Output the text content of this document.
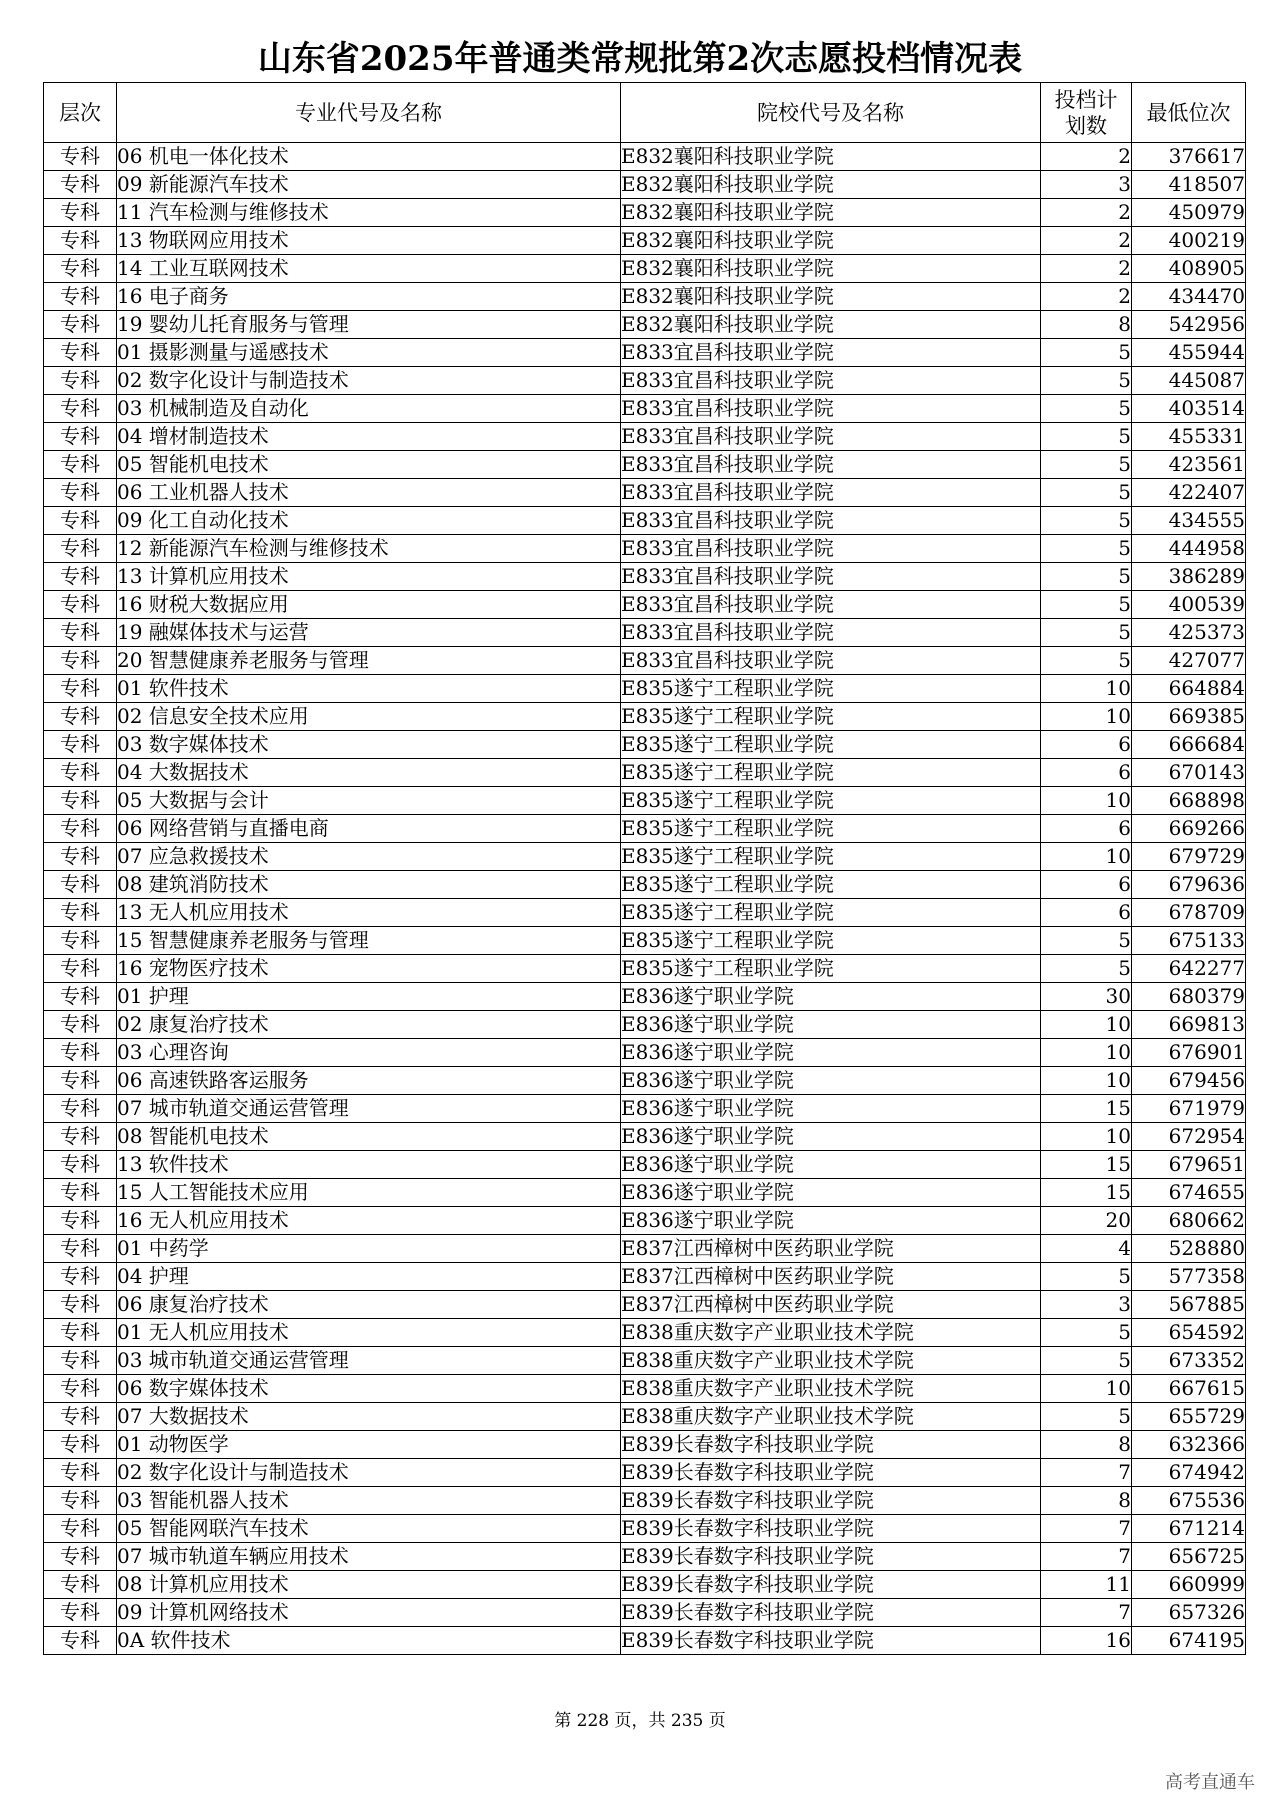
山东省2025年普通类常规批第2次志愿投档情况表
层次	专业代号及名称	院校代号及名称	投档计划数	最低位次
专科	06 机电一体化技术	E832襄阳科技职业学院	2	376617
专科	09 新能源汽车技术	E832襄阳科技职业学院	3	418507
专科	11 汽车检测与维修技术	E832襄阳科技职业学院	2	450979
专科	13 物联网应用技术	E832襄阳科技职业学院	2	400219
专科	14 工业互联网技术	E832襄阳科技职业学院	2	408905
专科	16 电子商务	E832襄阳科技职业学院	2	434470
专科	19 婴幼儿托育服务与管理	E832襄阳科技职业学院	8	542956
专科	01 摄影测量与遥感技术	E833宜昌科技职业学院	5	455944
专科	02 数字化设计与制造技术	E833宜昌科技职业学院	5	445087
专科	03 机械制造及自动化	E833宜昌科技职业学院	5	403514
专科	04 增材制造技术	E833宜昌科技职业学院	5	455331
专科	05 智能机电技术	E833宜昌科技职业学院	5	423561
专科	06 工业机器人技术	E833宜昌科技职业学院	5	422407
专科	09 化工自动化技术	E833宜昌科技职业学院	5	434555
专科	12 新能源汽车检测与维修技术	E833宜昌科技职业学院	5	444958
专科	13 计算机应用技术	E833宜昌科技职业学院	5	386289
专科	16 财税大数据应用	E833宜昌科技职业学院	5	400539
专科	19 融媒体技术与运营	E833宜昌科技职业学院	5	425373
专科	20 智慧健康养老服务与管理	E833宜昌科技职业学院	5	427077
专科	01 软件技术	E835遂宁工程职业学院	10	664884
专科	02 信息安全技术应用	E835遂宁工程职业学院	10	669385
专科	03 数字媒体技术	E835遂宁工程职业学院	6	666684
专科	04 大数据技术	E835遂宁工程职业学院	6	670143
专科	05 大数据与会计	E835遂宁工程职业学院	10	668898
专科	06 网络营销与直播电商	E835遂宁工程职业学院	6	669266
专科	07 应急救援技术	E835遂宁工程职业学院	10	679729
专科	08 建筑消防技术	E835遂宁工程职业学院	6	679636
专科	13 无人机应用技术	E835遂宁工程职业学院	6	678709
专科	15 智慧健康养老服务与管理	E835遂宁工程职业学院	5	675133
专科	16 宠物医疗技术	E835遂宁工程职业学院	5	642277
专科	01 护理	E836遂宁职业学院	30	680379
专科	02 康复治疗技术	E836遂宁职业学院	10	669813
专科	03 心理咨询	E836遂宁职业学院	10	676901
专科	06 高速铁路客运服务	E836遂宁职业学院	10	679456
专科	07 城市轨道交通运营管理	E836遂宁职业学院	15	671979
专科	08 智能机电技术	E836遂宁职业学院	10	672954
专科	13 软件技术	E836遂宁职业学院	15	679651
专科	15 人工智能技术应用	E836遂宁职业学院	15	674655
专科	16 无人机应用技术	E836遂宁职业学院	20	680662
专科	01 中药学	E837江西樟树中医药职业学院	4	528880
专科	04 护理	E837江西樟树中医药职业学院	5	577358
专科	06 康复治疗技术	E837江西樟树中医药职业学院	3	567885
专科	01 无人机应用技术	E838重庆数字产业职业技术学院	5	654592
专科	03 城市轨道交通运营管理	E838重庆数字产业职业技术学院	5	673352
专科	06 数字媒体技术	E838重庆数字产业职业技术学院	10	667615
专科	07 大数据技术	E838重庆数字产业职业技术学院	5	655729
专科	01 动物医学	E839长春数字科技职业学院	8	632366
专科	02 数字化设计与制造技术	E839长春数字科技职业学院	7	674942
专科	03 智能机器人技术	E839长春数字科技职业学院	8	675536
专科	05 智能网联汽车技术	E839长春数字科技职业学院	7	671214
专科	07 城市轨道车辆应用技术	E839长春数字科技职业学院	7	656725
专科	08 计算机应用技术	E839长春数字科技职业学院	11	660999
专科	09 计算机网络技术	E839长春数字科技职业学院	7	657326
专科	0A 软件技术	E839长春数字科技职业学院	16	674195
第 228 页，共 235 页
高考直通车
